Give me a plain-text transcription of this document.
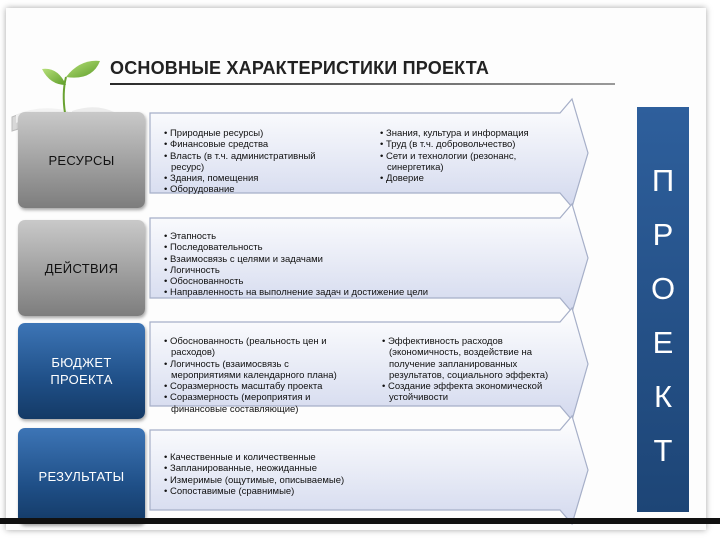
ОСНОВНЫЕ ХАРАКТЕРИСТИКИ ПРОЕКТА
РЕСУРСЫ
ДЕЙСТВИЯ
БЮДЖЕТ
ПРОЕКТА
РЕЗУЛЬТАТЫ
• Природные ресурсы)
• Финансовые средства
• Власть (в т.ч. административный
ресурс)
• Здания, помещения
• Оборудование
• Знания, культура и информация
• Труд (в т.ч. добровольчество)
• Сети и технологии (резонанс,
синергетика)
• Доверие
• Этапность
• Последовательность
• Взаимосвязь с целями и задачами
• Логичность
• Обоснованность
• Направленность на выполнение задач и достижение цели
• Обоснованность (реальность цен и
расходов)
• Логичность (взаимосвязь с
мероприятиями календарного плана)
• Соразмерность масштабу проекта
• Соразмерность (мероприятия и
финансовые составляющие)
• Эффективность расходов
(экономичность, воздействие на
получение запланированных
результатов, социального эффекта)
• Создание эффекта экономической
устойчивости
• Качественные и количественные
• Запланированные, неожиданные
• Измеримые (ощутимые, описываемые)
• Сопоставимые (сравнимые)
П
Р
О
Е
К
Т
